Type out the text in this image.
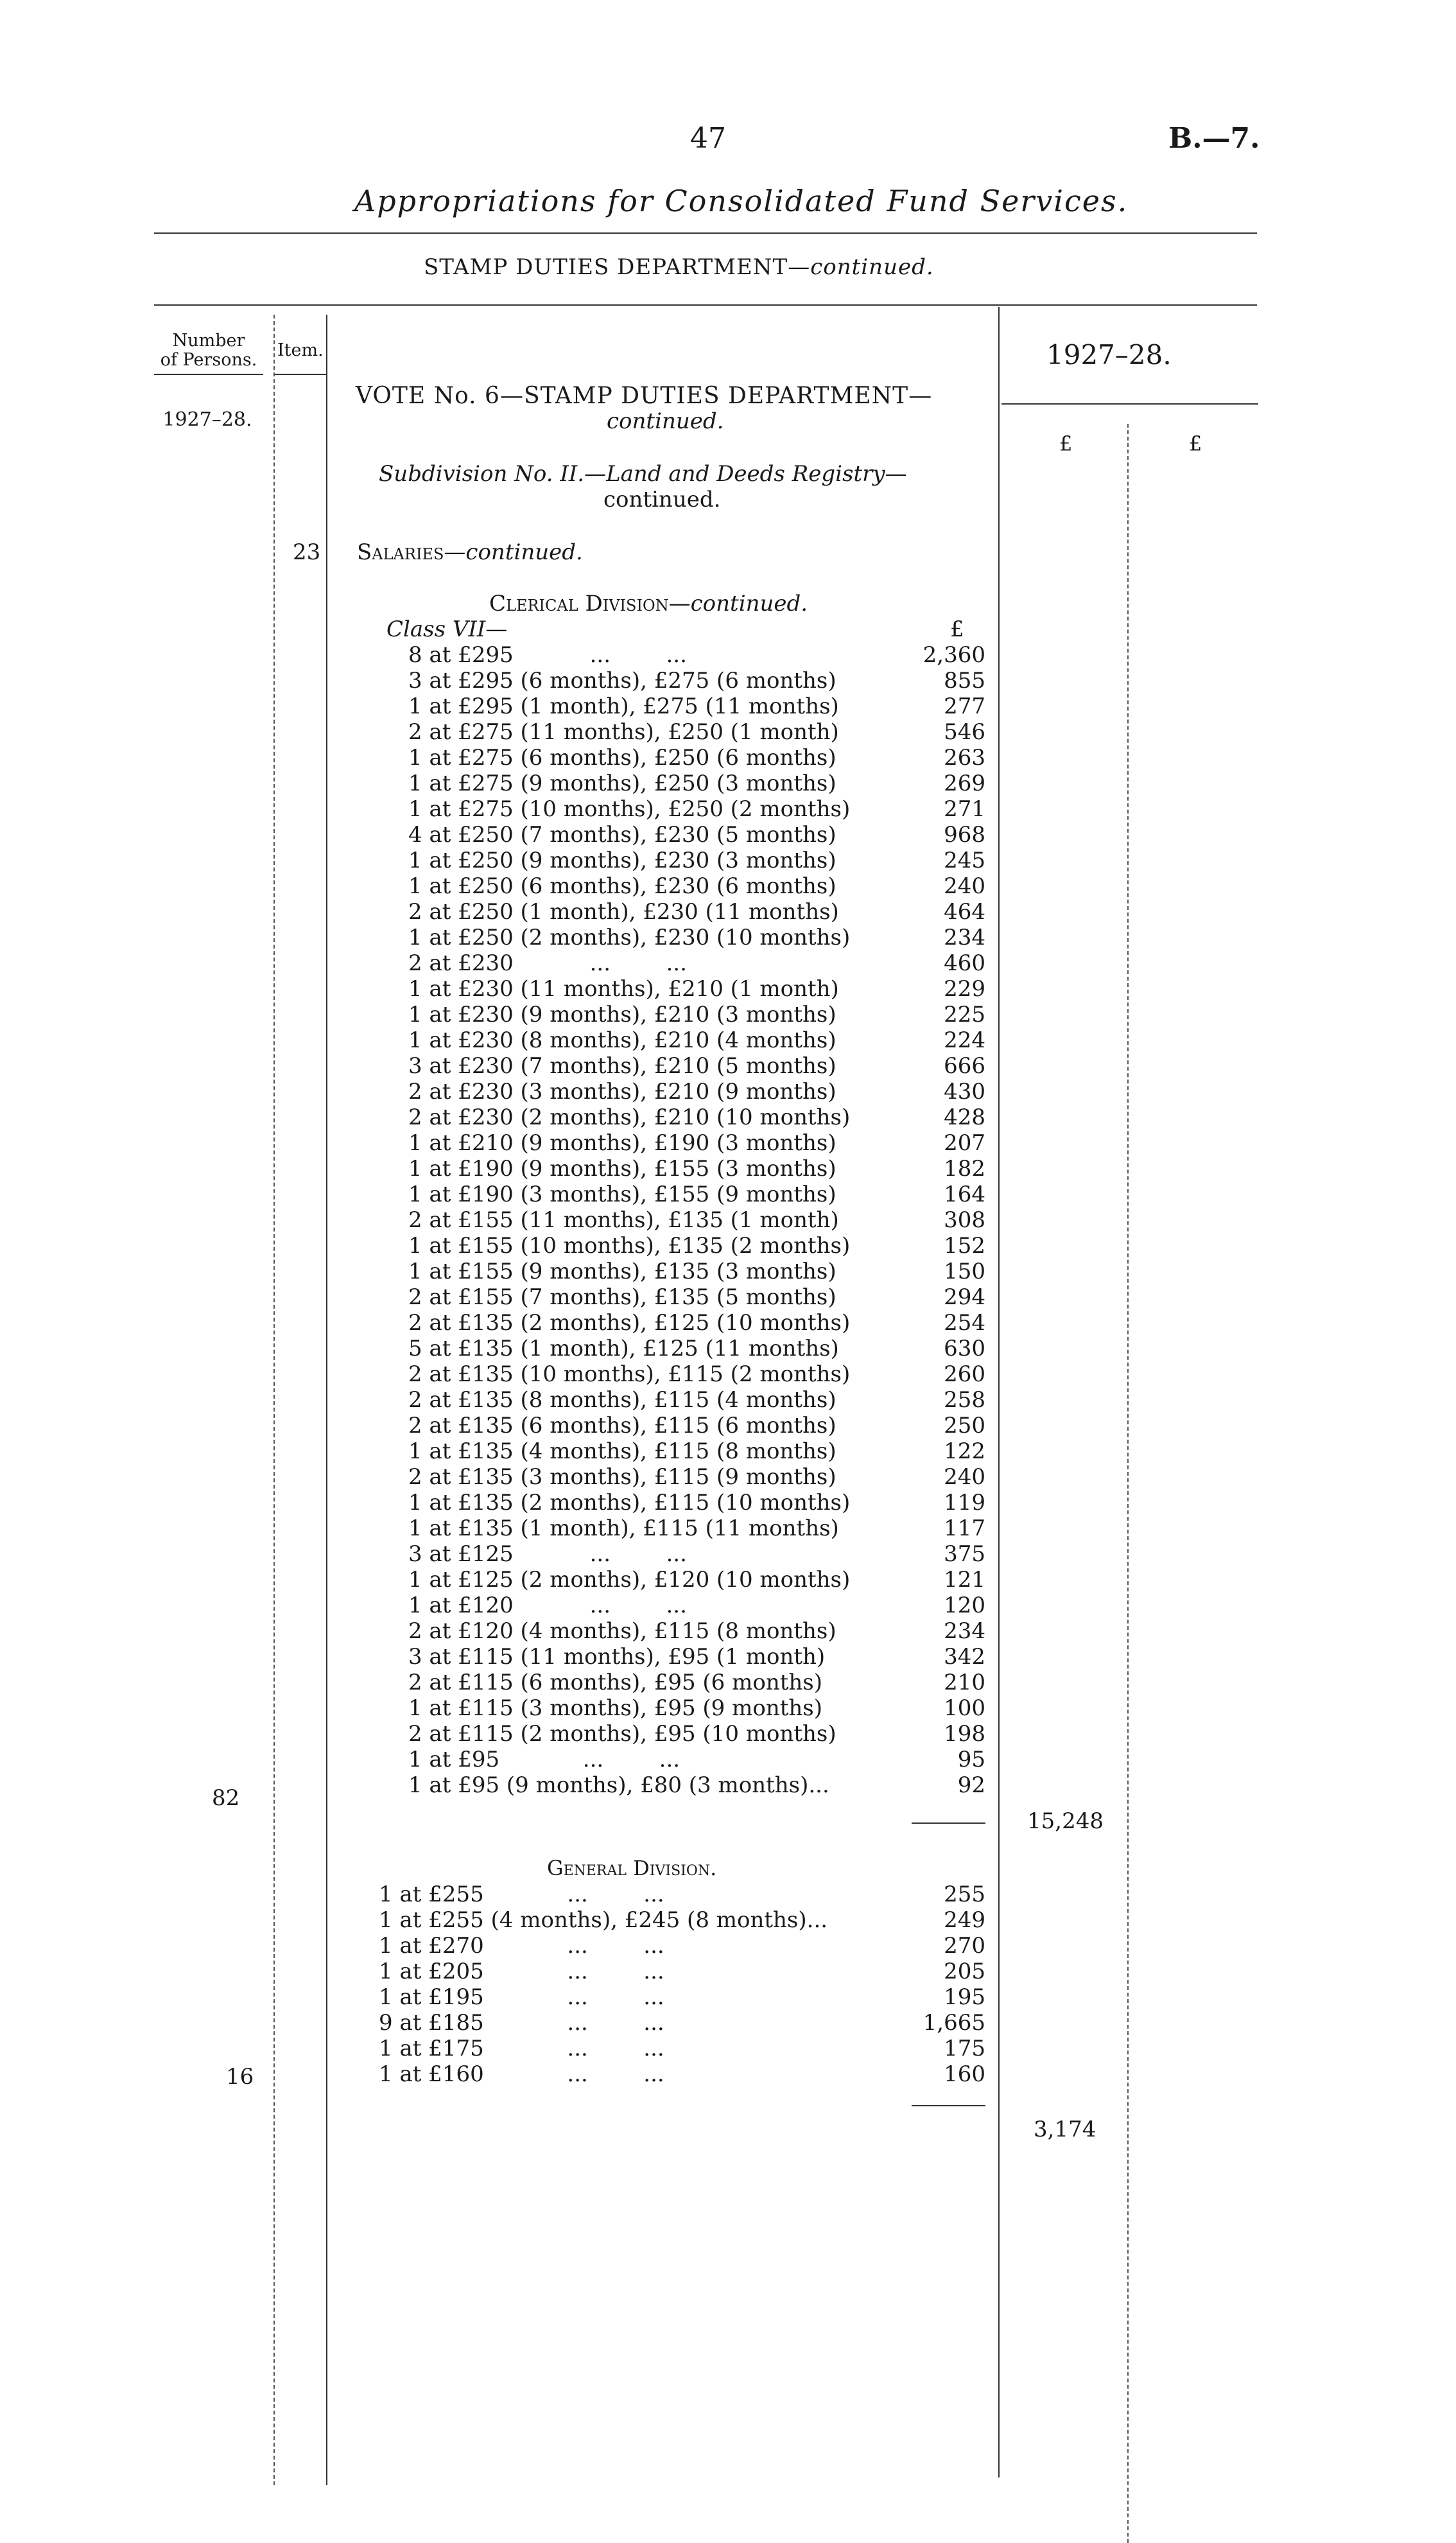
47	B.—7.
Appropriations for Consolidated Fund Services.
STAMP DUTIES DEPARTMENT—continued.
Number
of Persons.	Item.
1927–28.
1927–28.
£	£
VOTE No. 6—STAMP DUTIES DEPARTMENT—
continued.
Subdivision No. II.—Land and Deeds Registry—
continued.
23 Salaries—continued.
Clerical Division—continued.
Class VII—	£
8 at £295           ...        ...	2,360
3 at £295 (6 months), £275 (6 months)	855
1 at £295 (1 month), £275 (11 months)	277
2 at £275 (11 months), £250 (1 month)	546
1 at £275 (6 months), £250 (6 months)	263
1 at £275 (9 months), £250 (3 months)	269
1 at £275 (10 months), £250 (2 months)	271
4 at £250 (7 months), £230 (5 months)	968
1 at £250 (9 months), £230 (3 months)	245
1 at £250 (6 months), £230 (6 months)	240
2 at £250 (1 month), £230 (11 months)	464
1 at £250 (2 months), £230 (10 months)	234
2 at £230           ...        ...	460
1 at £230 (11 months), £210 (1 month)	229
1 at £230 (9 months), £210 (3 months)	225
1 at £230 (8 months), £210 (4 months)	224
3 at £230 (7 months), £210 (5 months)	666
2 at £230 (3 months), £210 (9 months)	430
2 at £230 (2 months), £210 (10 months)	428
1 at £210 (9 months), £190 (3 months)	207
1 at £190 (9 months), £155 (3 months)	182
1 at £190 (3 months), £155 (9 months)	164
2 at £155 (11 months), £135 (1 month)	308
1 at £155 (10 months), £135 (2 months)	152
1 at £155 (9 months), £135 (3 months)	150
2 at £155 (7 months), £135 (5 months)	294
2 at £135 (2 months), £125 (10 months)	254
5 at £135 (1 month), £125 (11 months)	630
2 at £135 (10 months), £115 (2 months)	260
2 at £135 (8 months), £115 (4 months)	258
2 at £135 (6 months), £115 (6 months)	250
1 at £135 (4 months), £115 (8 months)	122
2 at £135 (3 months), £115 (9 months)	240
1 at £135 (2 months), £115 (10 months)	119
1 at £135 (1 month), £115 (11 months)	117
3 at £125           ...        ...	375
1 at £125 (2 months), £120 (10 months)	121
1 at £120           ...        ...	120
2 at £120 (4 months), £115 (8 months)	234
3 at £115 (11 months), £95 (1 month)	342
2 at £115 (6 months), £95 (6 months)	210
1 at £115 (3 months), £95 (9 months)	100
2 at £115 (2 months), £95 (10 months)	198
1 at £95            ...        ...	95
1 at £95 (9 months), £80 (3 months)...	92
82
15,248
General Division.
1 at £255            ...        ...	255
1 at £255 (4 months), £245 (8 months)...	249
1 at £270            ...        ...	270
1 at £205            ...        ...	205
1 at £195            ...        ...	195
9 at £185            ...        ...	1,665
1 at £175            ...        ...	175
1 at £160            ...        ...	160
16
3,174
